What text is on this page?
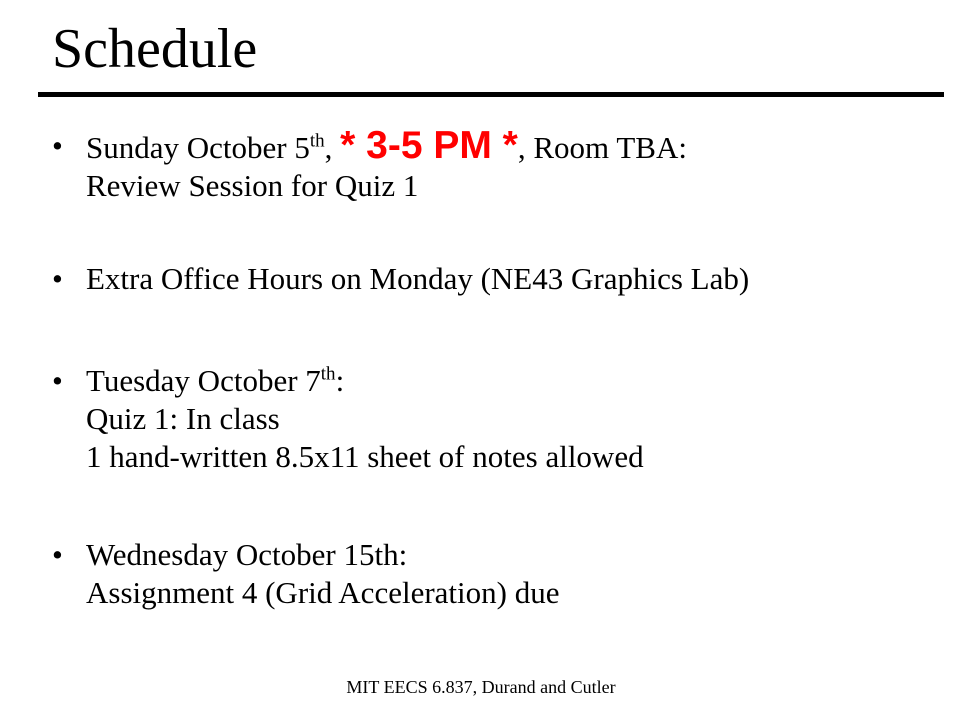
Schedule
• Sunday October 5th, * 3-5 PM *, Room TBA:
Review Session for Quiz 1
• Extra Office Hours on Monday (NE43 Graphics Lab)
• Tuesday October 7th:
Quiz 1: In class
1 hand-written 8.5x11 sheet of notes allowed
• Wednesday October 15th:
Assignment 4 (Grid Acceleration) due
MIT EECS 6.837, Durand and Cutler
